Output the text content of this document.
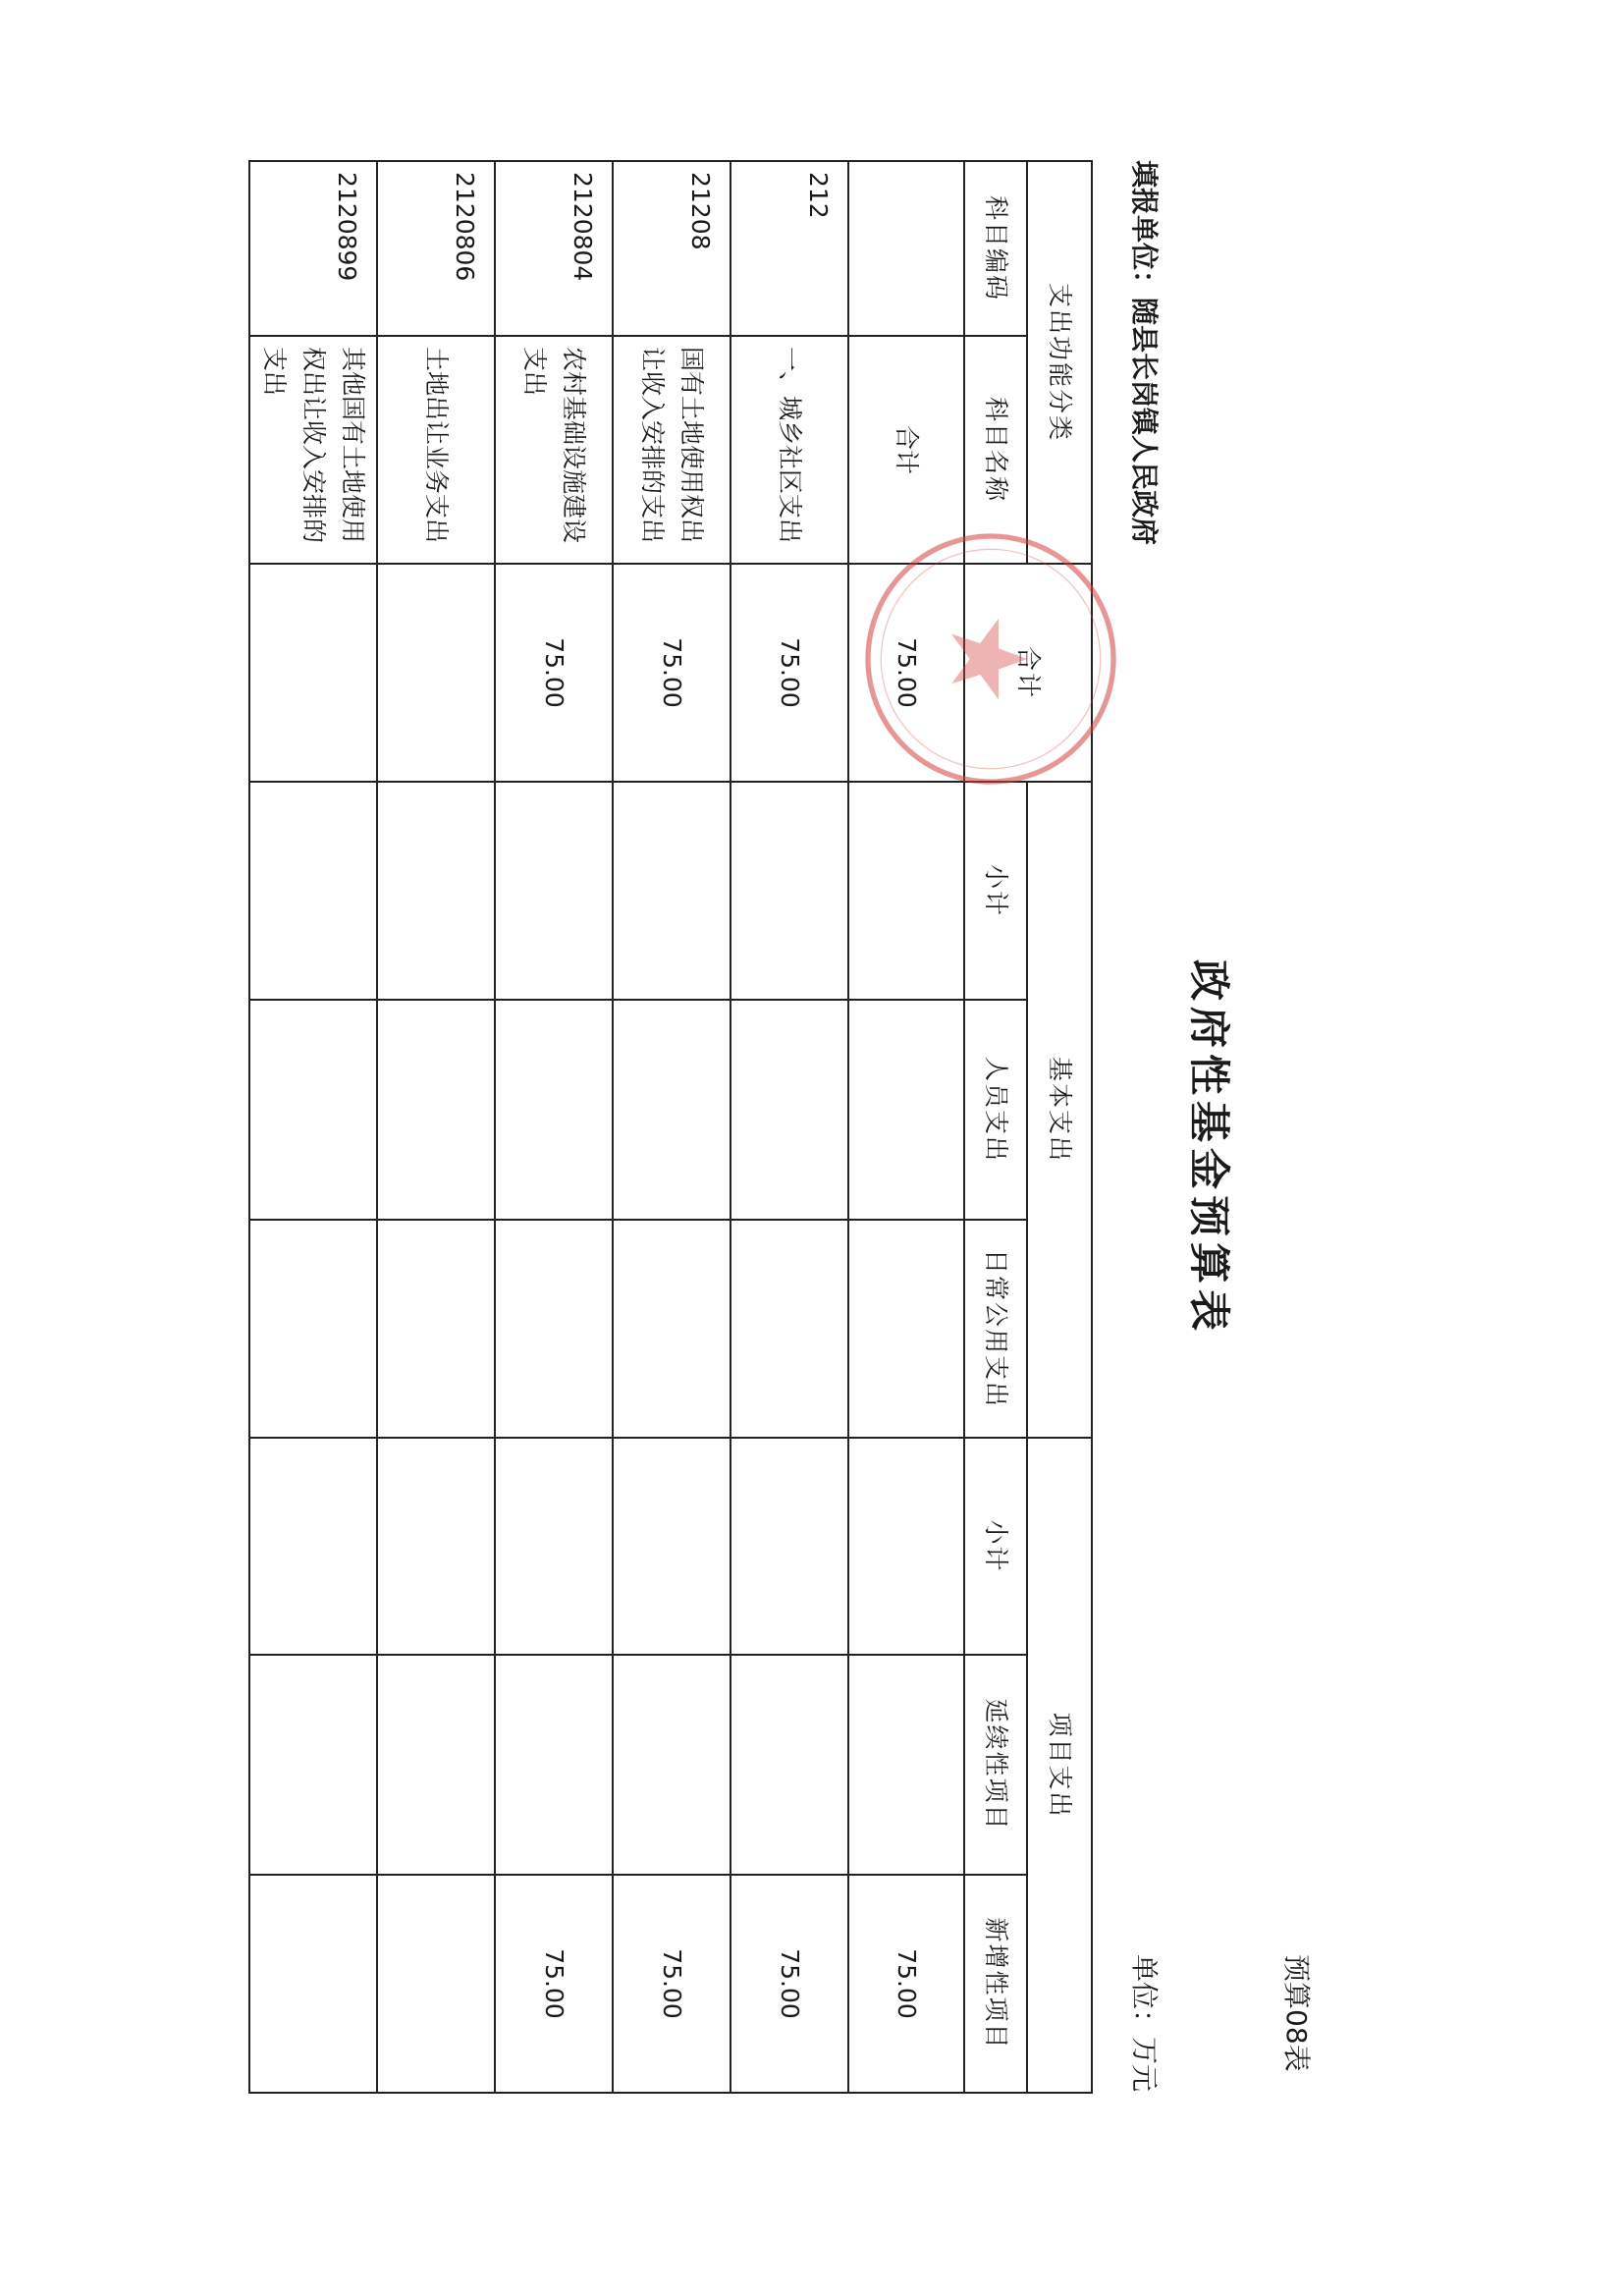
政府性基金预算表
预算08表
填报单位：随县长岗镇人民政府
单位：万元
支出功能分类		合计	基本支出			项目支出		
科目编码	科目名称		小计	人员支出	日常公用支出	小计	延续性项目	新增性项目
	合计	75.00						75.00
212	一、城乡社区支出	75.00						75.00
21208	国有土地使用权出让收入安排的支出	75.00						75.00
2120804	农村基础设施建设支出	75.00						75.00
2120806	土地出让业务支出							
2120899	其他国有土地使用权出让收入安排的支出							
